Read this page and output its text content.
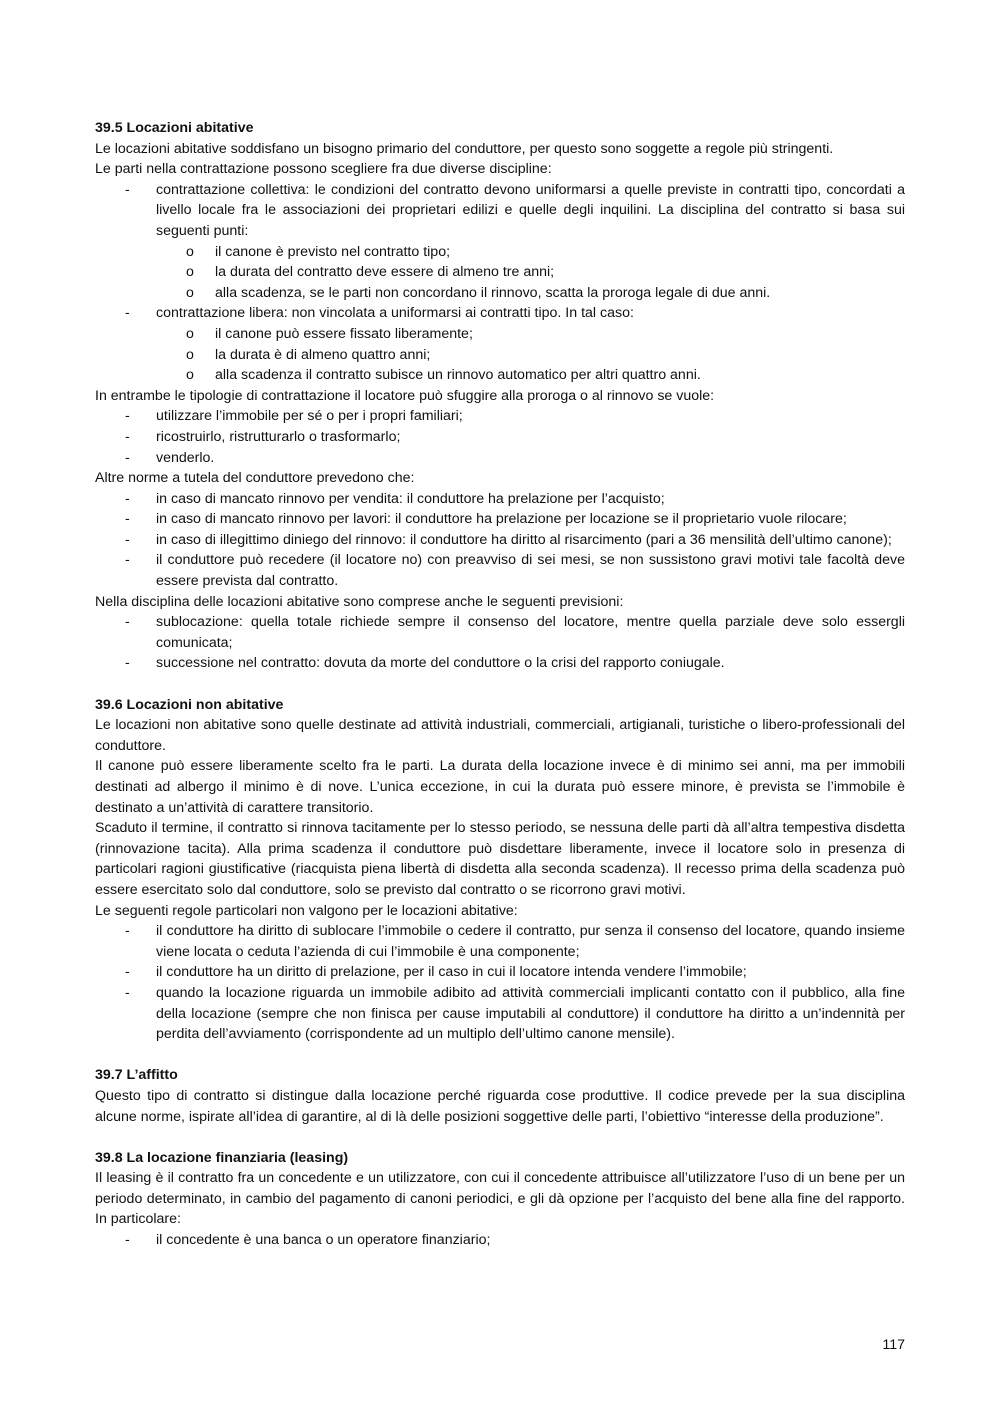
39.5 Locazioni abitative
Le locazioni abitative soddisfano un bisogno primario del conduttore, per questo sono soggette a regole più stringenti.
Le parti nella contrattazione possono scegliere fra due diverse discipline:
- contrattazione collettiva: le condizioni del contratto devono uniformarsi a quelle previste in contratti tipo, concordati a livello locale fra le associazioni dei proprietari edilizi e quelle degli inquilini. La disciplina del contratto si basa sui seguenti punti:
o il canone è previsto nel contratto tipo;
o la durata del contratto deve essere di almeno tre anni;
o alla scadenza, se le parti non concordano il rinnovo, scatta la proroga legale di due anni.
- contrattazione libera: non vincolata a uniformarsi ai contratti tipo. In tal caso:
o il canone può essere fissato liberamente;
o la durata è di almeno quattro anni;
o alla scadenza il contratto subisce un rinnovo automatico per altri quattro anni.
In entrambe le tipologie di contrattazione il locatore può sfuggire alla proroga o al rinnovo se vuole:
- utilizzare l’immobile per sé o per i propri familiari;
- ricostruirlo, ristrutturarlo o trasformarlo;
- venderlo.
Altre norme a tutela del conduttore prevedono che:
- in caso di mancato rinnovo per vendita: il conduttore ha prelazione per l’acquisto;
- in caso di mancato rinnovo per lavori: il conduttore ha prelazione per locazione se il proprietario vuole rilocare;
- in caso di illegittimo diniego del rinnovo: il conduttore ha diritto al risarcimento (pari a 36 mensilità dell’ultimo canone);
- il conduttore può recedere (il locatore no) con preavviso di sei mesi, se non sussistono gravi motivi tale facoltà deve essere prevista dal contratto.
Nella disciplina delle locazioni abitative sono comprese anche le seguenti previsioni:
- sublocazione: quella totale richiede sempre il consenso del locatore, mentre quella parziale deve solo essergli comunicata;
- successione nel contratto: dovuta da morte del conduttore o la crisi del rapporto coniugale.
39.6 Locazioni non abitative
Le locazioni non abitative sono quelle destinate ad attività industriali, commerciali, artigianali, turistiche o libero-professionali del conduttore.
Il canone può essere liberamente scelto fra le parti. La durata della locazione invece è di minimo sei anni, ma per immobili destinati ad albergo il minimo è di nove. L’unica eccezione, in cui la durata può essere minore, è prevista se l’immobile è destinato a un’attività di carattere transitorio.
Scaduto il termine, il contratto si rinnova tacitamente per lo stesso periodo, se nessuna delle parti dà all’altra tempestiva disdetta (rinnovazione tacita). Alla prima scadenza il conduttore può disdettare liberamente, invece il locatore solo in presenza di particolari ragioni giustificative (riacquista piena libertà di disdetta alla seconda scadenza). Il recesso prima della scadenza può essere esercitato solo dal conduttore, solo se previsto dal contratto o se ricorrono gravi motivi.
Le seguenti regole particolari non valgono per le locazioni abitative:
- il conduttore ha diritto di sublocare l’immobile o cedere il contratto, pur senza il consenso del locatore, quando insieme viene locata o ceduta l’azienda di cui l’immobile è una componente;
- il conduttore ha un diritto di prelazione, per il caso in cui il locatore intenda vendere l’immobile;
- quando la locazione riguarda un immobile adibito ad attività commerciali implicanti contatto con il pubblico, alla fine della locazione (sempre che non finisca per cause imputabili al conduttore) il conduttore ha diritto a un’indennità per perdita dell’avviamento (corrispondente ad un multiplo dell’ultimo canone mensile).
39.7 L’affitto
Questo tipo di contratto si distingue dalla locazione perché riguarda cose produttive. Il codice prevede per la sua disciplina alcune norme, ispirate all’idea di garantire, al di là delle posizioni soggettive delle parti, l’obiettivo “interesse della produzione”.
39.8 La locazione finanziaria (leasing)
Il leasing è il contratto fra un concedente e un utilizzatore, con cui il concedente attribuisce all’utilizzatore l’uso di un bene per un periodo determinato, in cambio del pagamento di canoni periodici, e gli dà opzione per l’acquisto del bene alla fine del rapporto. In particolare:
- il concedente è una banca o un operatore finanziario;
117
